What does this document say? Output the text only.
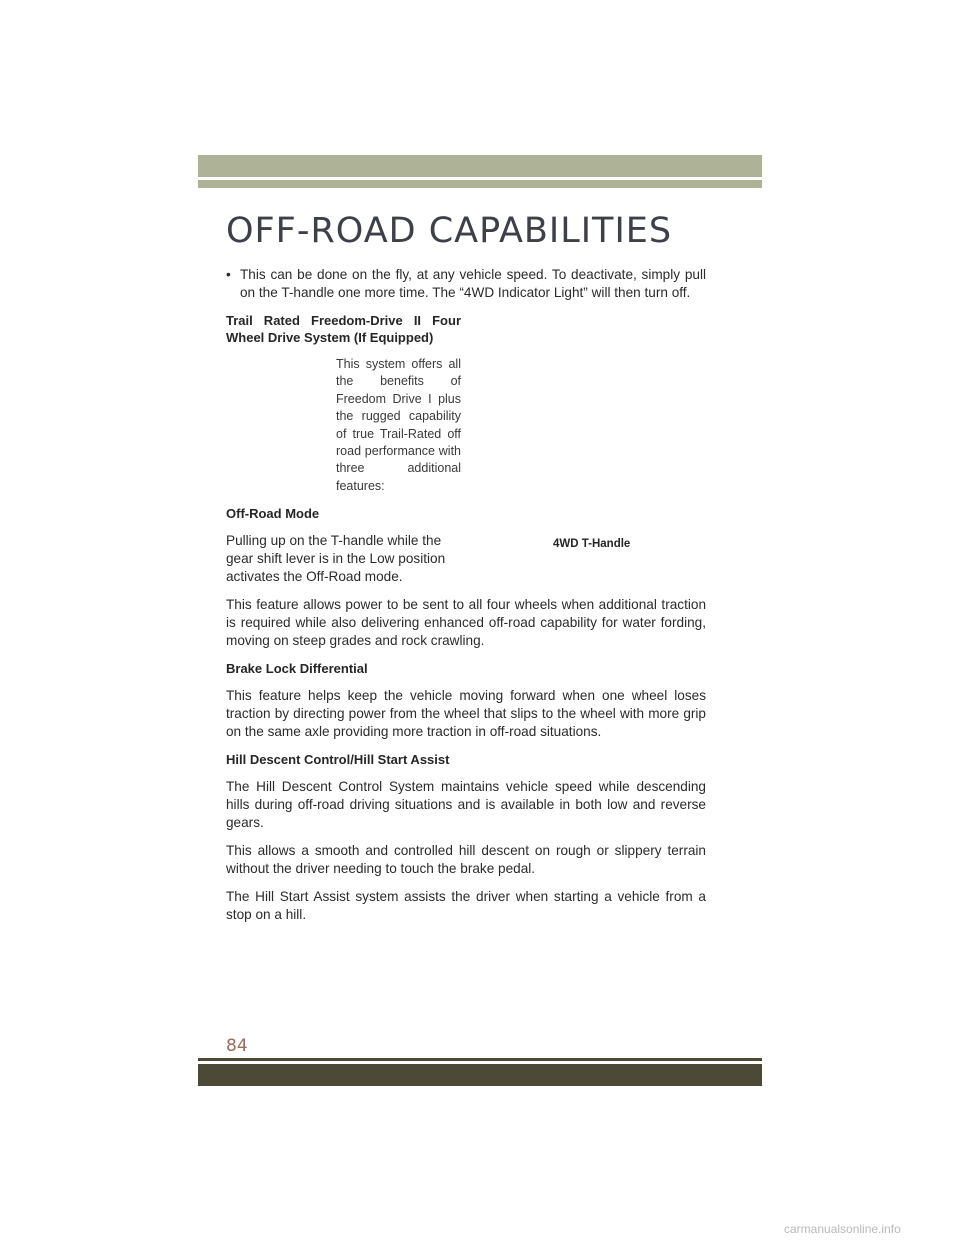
OFF-ROAD CAPABILITIES
• This can be done on the fly, at any vehicle speed. To deactivate, simply pull on the T-handle one more time. The “4WD Indicator Light” will then turn off.
Trail Rated Freedom-Drive II Four Wheel Drive System (If Equipped)
This system offers all the benefits of Freedom Drive I plus the rugged capability of true Trail-Rated off road performance with three additional features:
Off-Road Mode
Pulling up on the T-handle while the gear shift lever is in the Low position activates the Off-Road mode.
This feature allows power to be sent to all four wheels when additional traction is required while also delivering enhanced off-road capability for water fording, moving on steep grades and rock crawling.
Brake Lock Differential
This feature helps keep the vehicle moving forward when one wheel loses traction by directing power from the wheel that slips to the wheel with more grip on the same axle providing more traction in off-road situations.
Hill Descent Control/Hill Start Assist
The Hill Descent Control System maintains vehicle speed while descending hills during off-road driving situations and is available in both low and reverse gears.
This allows a smooth and controlled hill descent on rough or slippery terrain without the driver needing to touch the brake pedal.
The Hill Start Assist system assists the driver when starting a vehicle from a stop on a hill.
4WD T-Handle
84
carmanualsonline.info
